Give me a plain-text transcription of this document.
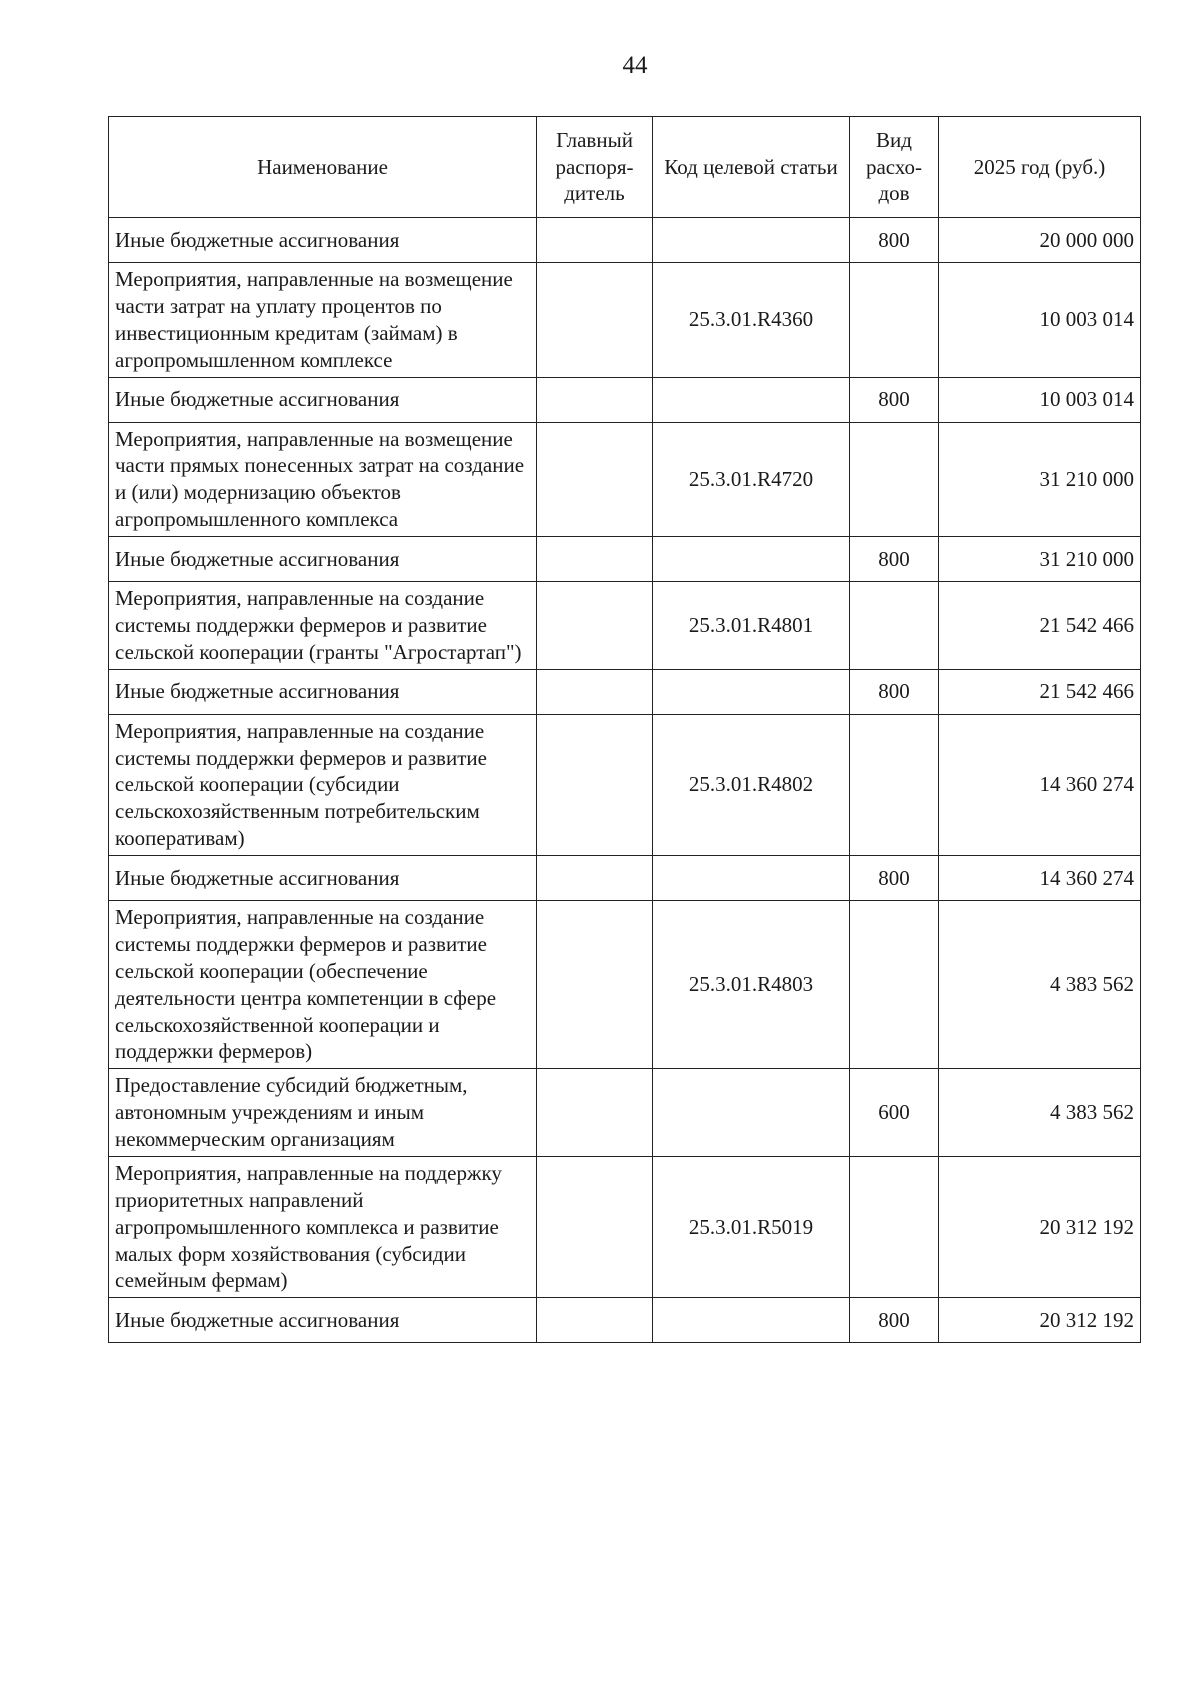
44
Наименование	Главный распоря-дитель	Код целевой статьи	Вид расхо-дов	2025 год (руб.)
Иные бюджетные ассигнования			800	20 000 000
Мероприятия, направленные на возмещение части затрат на уплату процентов по инвестиционным кредитам (займам) в агропромышленном комплексе		25.3.01.R4360		10 003 014
Иные бюджетные ассигнования			800	10 003 014
Мероприятия, направленные на возмещение части прямых понесенных затрат на создание и (или) модернизацию объектов агропромышленного комплекса		25.3.01.R4720		31 210 000
Иные бюджетные ассигнования			800	31 210 000
Мероприятия, направленные на создание системы поддержки фермеров и развитие сельской кооперации (гранты "Агростартап")		25.3.01.R4801		21 542 466
Иные бюджетные ассигнования			800	21 542 466
Мероприятия, направленные на создание системы поддержки фермеров и развитие сельской кооперации (субсидии сельскохозяйственным потребительским кооперативам)		25.3.01.R4802		14 360 274
Иные бюджетные ассигнования			800	14 360 274
Мероприятия, направленные на создание системы поддержки фермеров и развитие сельской кооперации (обеспечение деятельности центра компетенции в сфере сельскохозяйственной кооперации и поддержки фермеров)		25.3.01.R4803		4 383 562
Предоставление субсидий бюджетным, автономным учреждениям и иным некоммерческим организациям			600	4 383 562
Мероприятия, направленные на поддержку приоритетных направлений агропромышленного комплекса и развитие малых форм хозяйствования (субсидии семейным фермам)		25.3.01.R5019		20 312 192
Иные бюджетные ассигнования			800	20 312 192
